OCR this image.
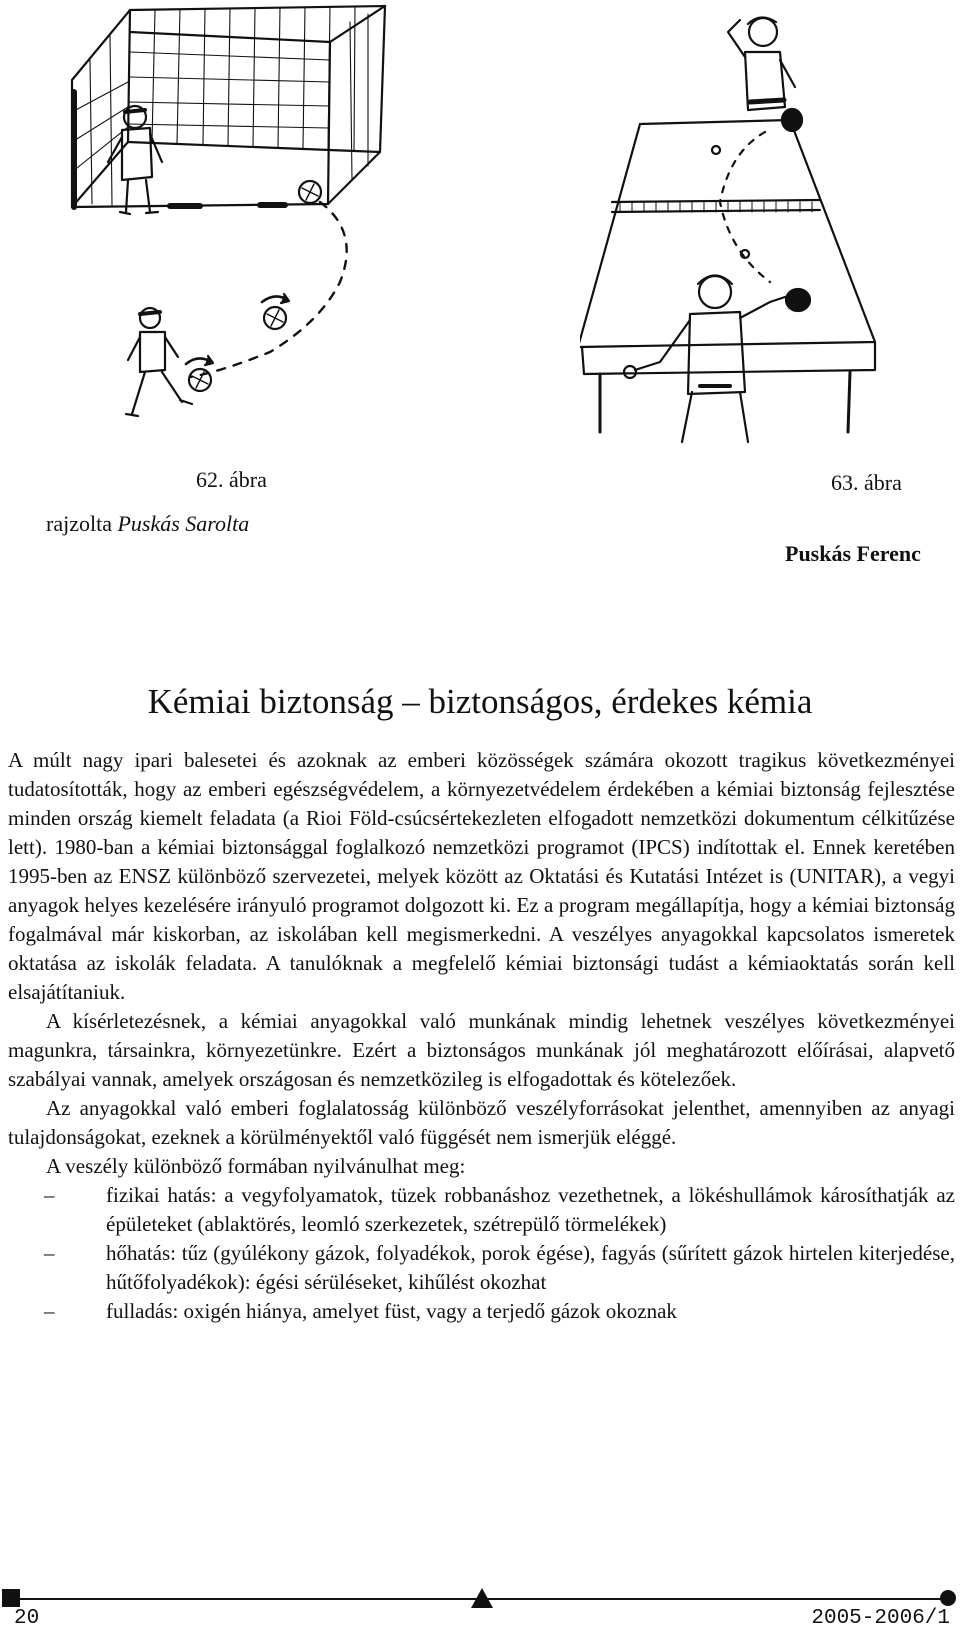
62. ábra
rajzolta Puskás Sarolta
63. ábra
Puskás Ferenc
Kémiai biztonság – biztonságos, érdekes kémia

A múlt nagy ipari balesetei és azoknak az emberi közösségek számára okozott tragikus következményei tudatosították, hogy az emberi egészségvédelem, a környezetvédelem érdekében a kémiai biztonság fejlesztése minden ország kiemelt feladata (a Rioi Föld-csúcsértekezleten elfogadott nemzetközi dokumentum célkitűzése lett). 1980-ban a kémiai biztonsággal foglalkozó nemzetközi programot (IPCS) indítottak el. Ennek keretében 1995-ben az ENSZ különböző szervezetei, melyek között az Oktatási és Kutatási Intézet is (UNITAR), a vegyi anyagok helyes kezelésére irányuló programot dolgozott ki. Ez a program megállapítja, hogy a kémiai biztonság fogalmával már kiskorban, az iskolában kell megismerkedni. A veszélyes anyagokkal kapcsolatos ismeretek oktatása az iskolák feladata. A tanulóknak a megfelelő kémiai biztonsági tudást a kémiaoktatás során kell elsajátítaniuk.

A kísérletezésnek, a kémiai anyagokkal való munkának mindig lehetnek veszélyes következményei magunkra, társainkra, környezetünkre. Ezért a biztonságos munkának jól meghatározott előírásai, alapvető szabályai vannak, amelyek országosan és nemzetközileg is elfogadottak és kötelezőek.

Az anyagokkal való emberi foglalatosság különböző veszélyforrásokat jelenthet, amennyiben az anyagi tulajdonságokat, ezeknek a körülményektől való függését nem ismerjük eléggé.

A veszély különböző formában nyilvánulhat meg:

– fizikai hatás: a vegyfolyamatok, tüzek robbanáshoz vezethetnek, a lökéshullámok károsíthatják az épületeket (ablaktörés, leomló szerkezetek, szétrepülő törmelékek)
– hőhatás: tűz (gyúlékony gázok, folyadékok, porok égése), fagyás (sűrített gázok hirtelen kiterjedése, hűtőfolyadékok): égési sérüléseket, kihűlést okozhat
– fulladás: oxigén hiánya, amelyet füst, vagy a terjedő gázok okoznak
20	2005-2006/1
